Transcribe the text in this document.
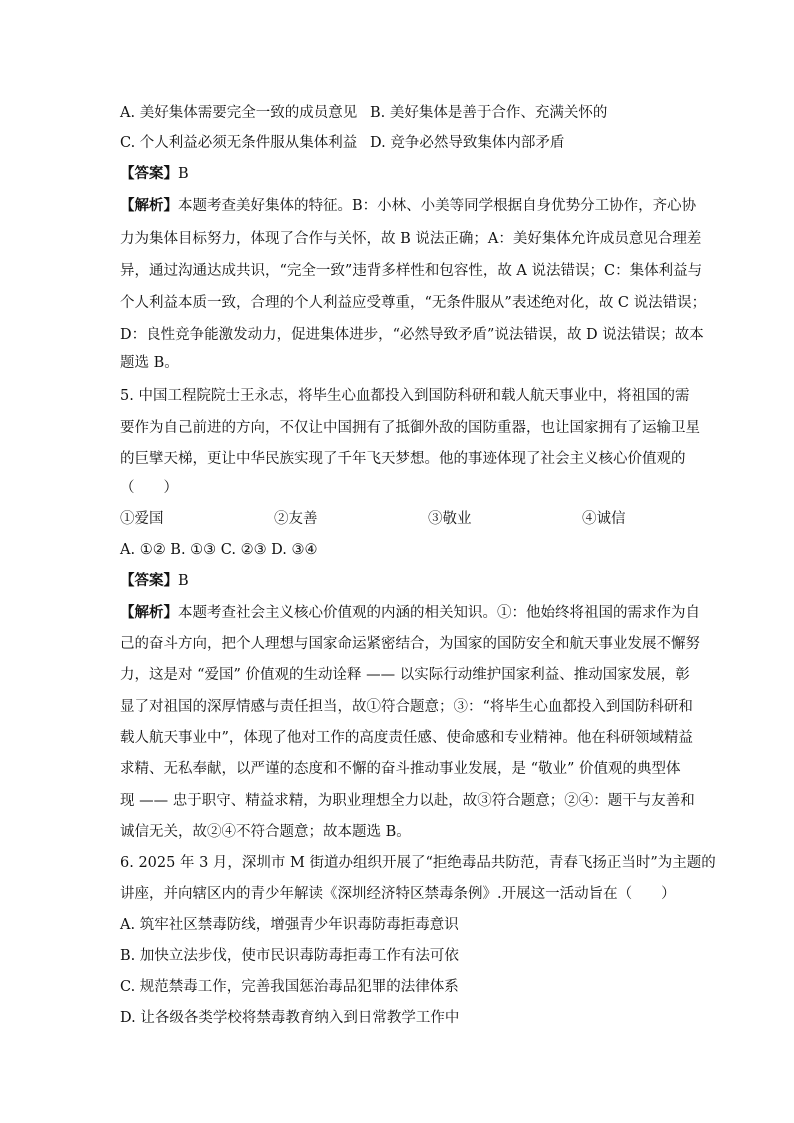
A. 美好集体需要完全一致的成员意见 B. 美好集体是善于合作、充满关怀的
C. 个人利益必须无条件服从集体利益 D. 竞争必然导致集体内部矛盾
【答案】B
【解析】本题考查美好集体的特征。B：小林、小美等同学根据自身优势分工协作，齐心协
力为集体目标努力，体现了合作与关怀，故 B 说法正确；A：美好集体允许成员意见合理差
异，通过沟通达成共识，“完全一致”违背多样性和包容性，故 A 说法错误；C：集体利益与
个人利益本质一致，合理的个人利益应受尊重，“无条件服从”表述绝对化，故 C 说法错误；
D：良性竞争能激发动力，促进集体进步，“必然导致矛盾”说法错误，故 D 说法错误；故本
题选 B。
5. 中国工程院院士王永志，将毕生心血都投入到国防科研和载人航天事业中，将祖国的需
要作为自己前进的方向，不仅让中国拥有了抵御外敌的国防重器，也让国家拥有了运输卫星
的巨擘天梯，更让中华民族实现了千年飞天梦想。他的事迹体现了社会主义核心价值观的
（　　）
①爱国	②友善	③敬业	④诚信
A. ①② B. ①③ C. ②③ D. ③④
【答案】B
【解析】本题考查社会主义核心价值观的内涵的相关知识。①：他始终将祖国的需求作为自
己的奋斗方向，把个人理想与国家命运紧密结合，为国家的国防安全和航天事业发展不懈努
力，这是对 “爱国” 价值观的生动诠释 —— 以实际行动维护国家利益、推动国家发展，彰
显了对祖国的深厚情感与责任担当，故①符合题意；③：“将毕生心血都投入到国防科研和
载人航天事业中”，体现了他对工作的高度责任感、使命感和专业精神。他在科研领域精益
求精、无私奉献，以严谨的态度和不懈的奋斗推动事业发展，是 “敬业” 价值观的典型体
现 —— 忠于职守、精益求精，为职业理想全力以赴，故③符合题意；②④：题干与友善和
诚信无关，故②④不符合题意；故本题选 B。
6. 2025 年 3 月，深圳市 M 街道办组织开展了“拒绝毒品共防范，青春飞扬正当时”为主题的
讲座，并向辖区内的青少年解读《深圳经济特区禁毒条例》.开展这一活动旨在（　　）
A. 筑牢社区禁毒防线，增强青少年识毒防毒拒毒意识
B. 加快立法步伐，使市民识毒防毒拒毒工作有法可依
C. 规范禁毒工作，完善我国惩治毒品犯罪的法律体系
D. 让各级各类学校将禁毒教育纳入到日常教学工作中
